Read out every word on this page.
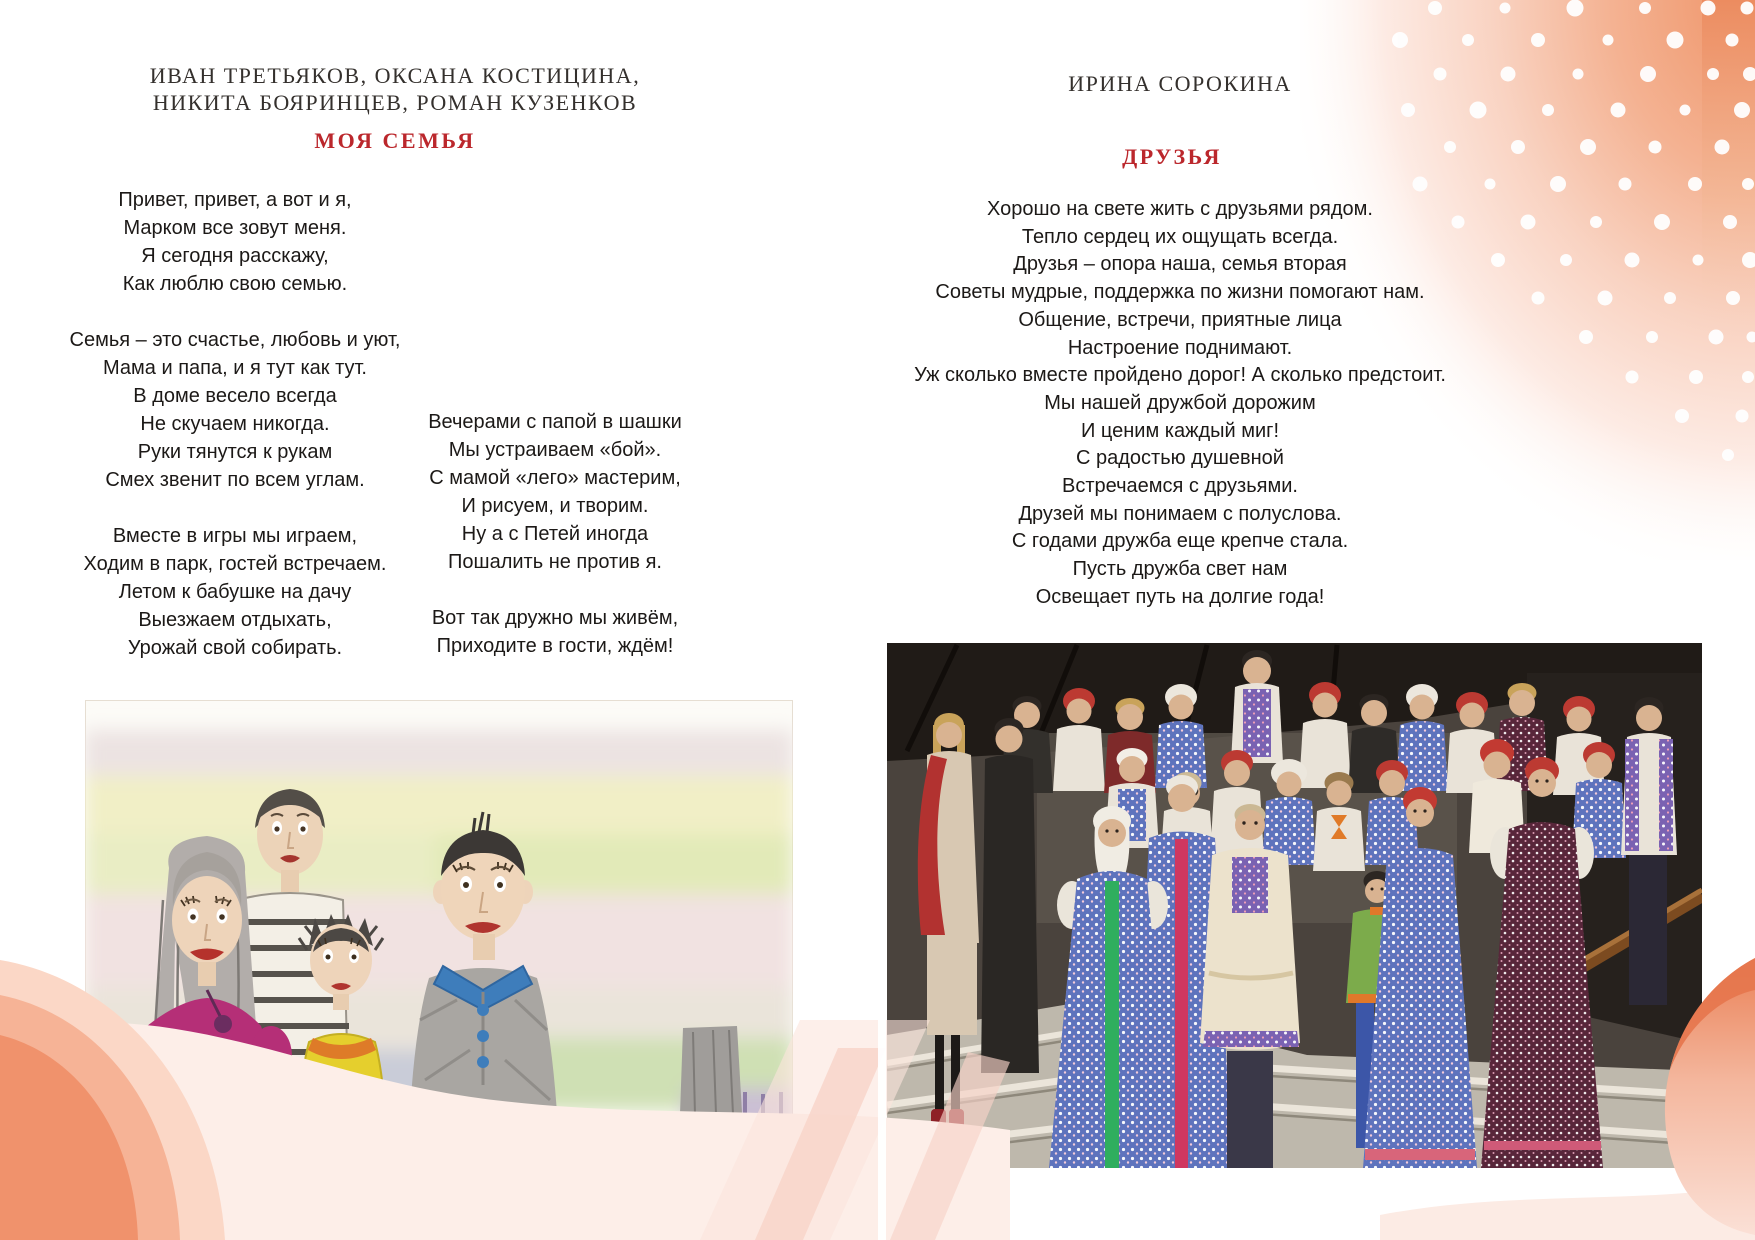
ИВАН ТРЕТЬЯКОВ, ОКСАНА КОСТИЦИНА,
НИКИТА БОЯРИНЦЕВ, РОМАН КУЗЕНКОВ
МОЯ СЕМЬЯ
Привет, привет, а вот и я,
Марком все зовут меня.
Я сегодня расскажу,
Как люблю свою семью.
Семья – это счастье, любовь и уют,
Мама и папа, и я тут как тут.
В доме весело всегда
Не скучаем никогда.
Руки тянутся к рукам
Смех звенит по всем углам.
Вместе в игры мы играем,
Ходим в парк, гостей встречаем.
Летом к бабушке на дачу
Выезжаем отдыхать,
Урожай свой собирать.
Вечерами с папой в шашки
Мы устраиваем «бой».
С мамой «лего» мастерим,
И рисуем, и творим.
Ну а с Петей иногда
Пошалить не против я.
Вот так дружно мы живём,
Приходите в гости, ждём!
ИРИНА СОРОКИНА
ДРУЗЬЯ
Хорошо на свете жить с друзьями рядом.
Тепло сердец их ощущать всегда.
Друзья – опора наша, семья вторая
Советы мудрые, поддержка по жизни помогают нам.
Общение, встречи, приятные лица
Настроение поднимают.
Уж сколько вместе пройдено дорог! А сколько предстоит.
Мы нашей дружбой дорожим
И ценим каждый миг!
С радостью душевной
Встречаемся с друзьями.
Друзей мы понимаем с полуслова.
С годами дружба еще крепче стала.
Пусть дружба свет нам
Освещает путь на долгие года!
